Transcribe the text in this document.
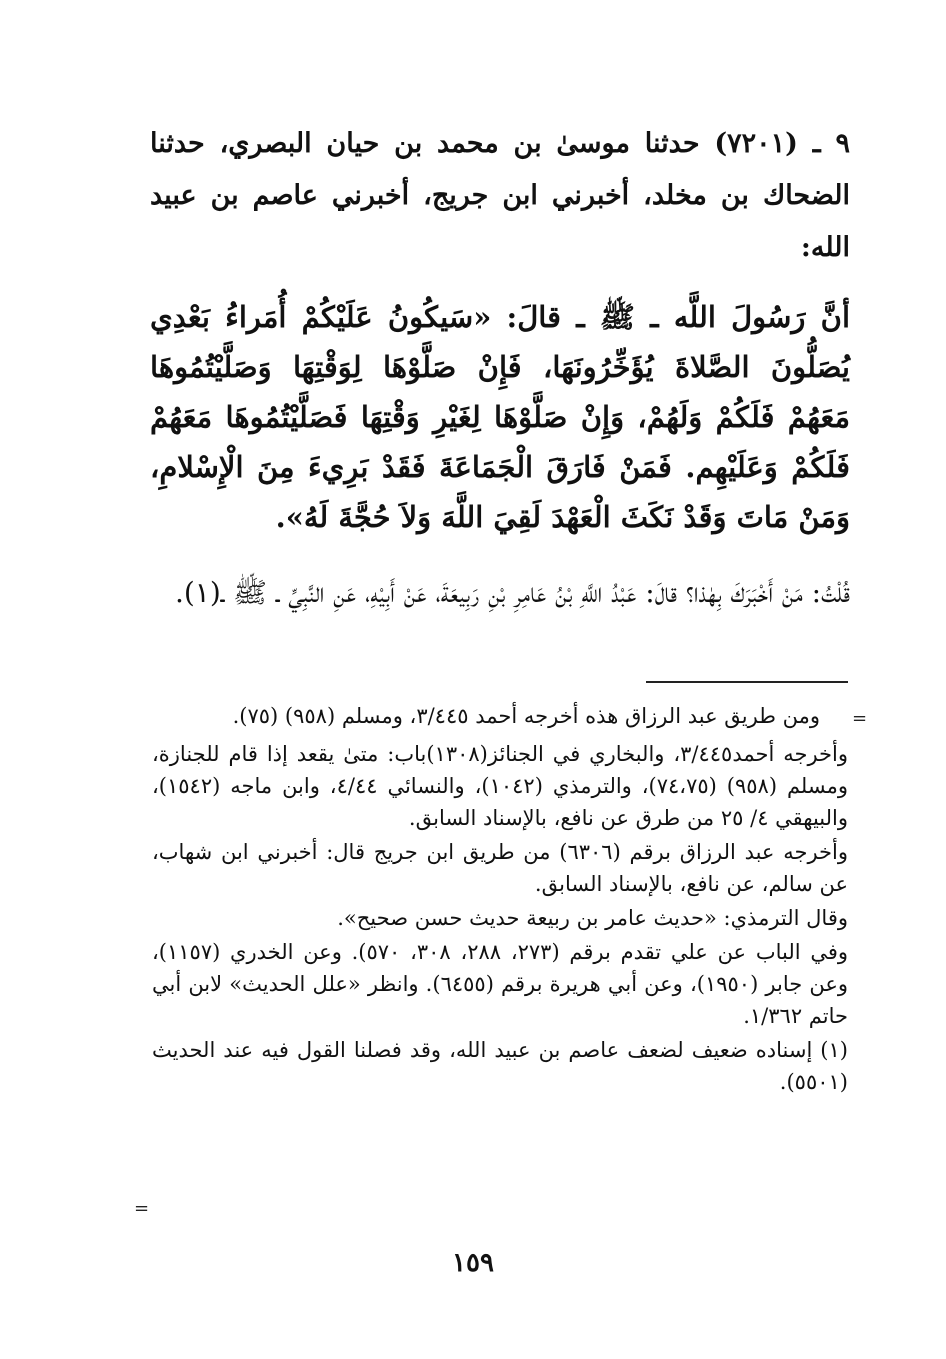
٩ ـ (٧٢٠١) حدثنا موسىٰ بن محمد بن حيان البصري، حدثنا الضحاك بن مخلد، أخبرني ابن جريج، أخبرني عاصم بن عبيد الله:

أنَّ رَسُولَ اللَّه ـ ﷺ ـ قالَ: «سَيكُونُ عَلَيْكُمْ أُمَراءُ بَعْدِي يُصَلُّونَ الصَّلاةَ يُؤَخِّرُونَهَا، فَإِنْ صَلَّوْهَا لِوَقْتِهَا وَصَلَّيْتُمُوهَا مَعَهُمْ فَلَكُمْ وَلَهُمْ، وَإِنْ صَلَّوْهَا لِغَيْرِ وَقْتِهَا فَصَلَّيْتُمُوهَا مَعَهُمْ فَلَكُمْ وَعَلَيْهِم. فَمَنْ فَارَقَ الْجَمَاعَةَ فَقَدْ بَرِيءَ مِنَ الْإِسْلامِ، وَمَنْ مَاتَ وَقَدْ نَكَثَ الْعَهْدَ لَقِيَ اللَّهَ وَلاَ حُجَّةَ لَهُ».

قُلْتُ: مَنْ أَخْبَرَكَ بِهٰذا؟ قالَ: عَبْدُ اللَّهِ بْنُ عَامِرِ بْنِ رَبِيعَةَ، عَنْ أَبِيْهِ، عَنِ النَّبِيِّ ـ ﷺ ـ(١).

=

ومن طريق عبد الرزاق هذه أخرجه أحمد ٣/٤٤٥، ومسلم (٩٥٨) (٧٥).

وأخرجه أحمد٣/٤٤٥، والبخاري في الجنائز(١٣٠٨)باب: متىٰ يقعد إذا قام للجنازة، ومسلم (٩٥٨) (٧٤،٧٥)، والترمذي (١٠٤٢)، والنسائي ٤/٤٤، وابن ماجه (١٥٤٢)، والبيهقي ٤/ ٢٥ من طرق عن نافع، بالإسناد السابق.

وأخرجه عبد الرزاق برقم (٦٣٠٦) من طريق ابن جريج قال: أخبرني ابن شهاب، عن سالم، عن نافع، بالإسناد السابق.

وقال الترمذي: «حديث عامر بن ربيعة حديث حسن صحيح».

وفي الباب عن علي تقدم برقم (٢٧٣، ٢٨٨، ٣٠٨، ٥٧٠). وعن الخدري (١١٥٧)، وعن جابر (١٩٥٠)، وعن أبي هريرة برقم (٦٤٥٥). وانظر «علل الحديث» لابن أبي حاتم ١/٣٦٢.

(١) إسناده ضعيف لضعف عاصم بن عبيد الله، وقد فصلنا القول فيه عند الحديث (٥٥٠١).

=
١٥٩
